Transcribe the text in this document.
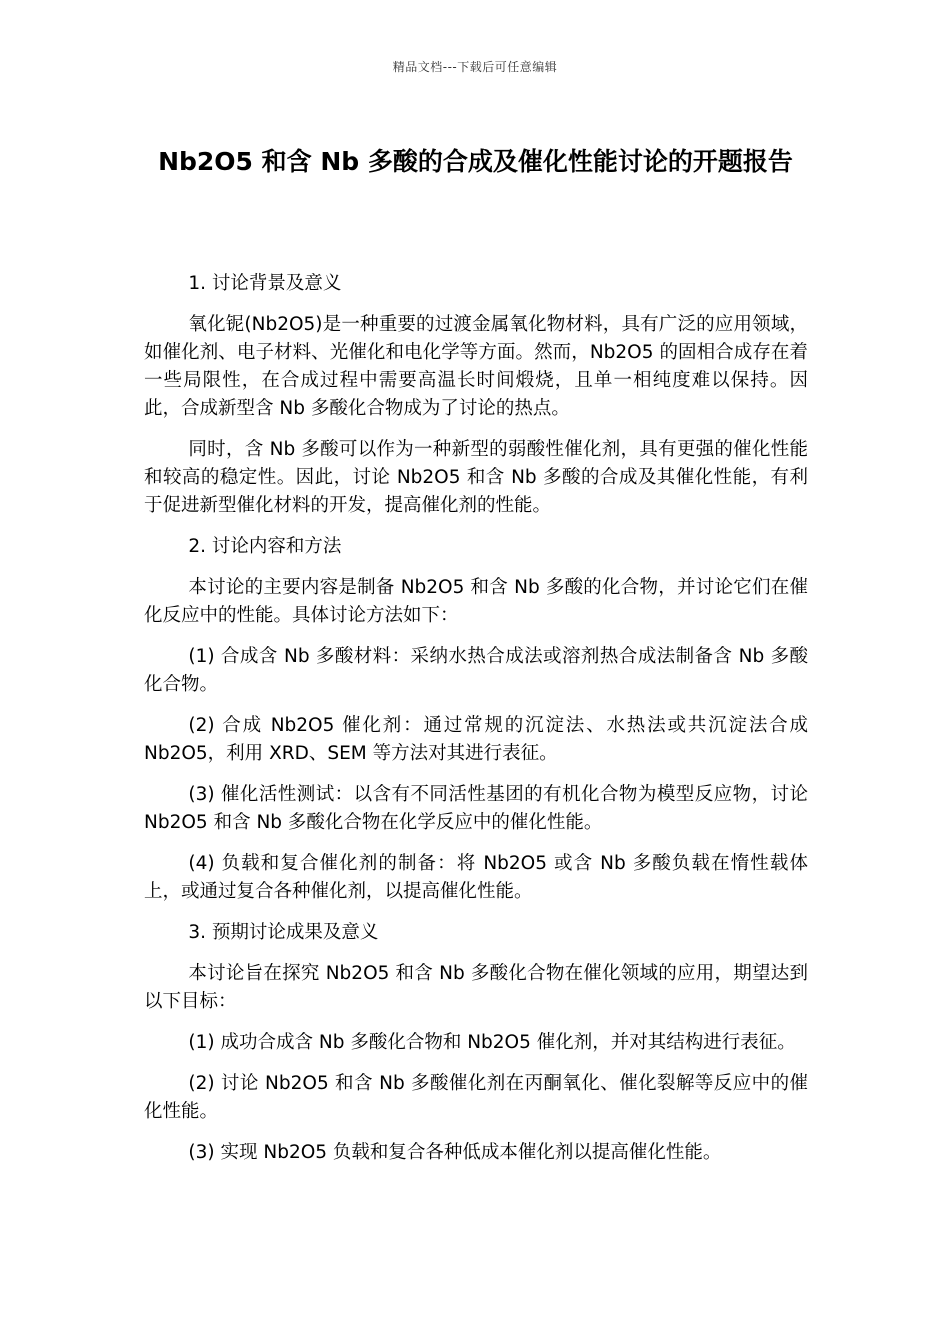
精品文档---下载后可任意编辑
Nb2O5 和含 Nb 多酸的合成及催化性能讨论的开题报告

1. 讨论背景及意义

氧化铌(Nb2O5)是一种重要的过渡金属氧化物材料，具有广泛的应用领域，如催化剂、电子材料、光催化和电化学等方面。然而，Nb2O5 的固相合成存在着一些局限性，在合成过程中需要高温长时间煅烧，且单一相纯度难以保持。因此，合成新型含 Nb 多酸化合物成为了讨论的热点。

同时，含 Nb 多酸可以作为一种新型的弱酸性催化剂，具有更强的催化性能和较高的稳定性。因此，讨论 Nb2O5 和含 Nb 多酸的合成及其催化性能，有利于促进新型催化材料的开发，提高催化剂的性能。

2. 讨论内容和方法

本讨论的主要内容是制备 Nb2O5 和含 Nb 多酸的化合物，并讨论它们在催化反应中的性能。具体讨论方法如下：

(1) 合成含 Nb 多酸材料：采纳水热合成法或溶剂热合成法制备含 Nb 多酸化合物。

(2) 合成 Nb2O5 催化剂：通过常规的沉淀法、水热法或共沉淀法合成 Nb2O5，利用 XRD、SEM 等方法对其进行表征。

(3) 催化活性测试：以含有不同活性基团的有机化合物为模型反应物，讨论 Nb2O5 和含 Nb 多酸化合物在化学反应中的催化性能。

(4) 负载和复合催化剂的制备：将 Nb2O5 或含 Nb 多酸负载在惰性载体上，或通过复合各种催化剂，以提高催化性能。

3. 预期讨论成果及意义

本讨论旨在探究 Nb2O5 和含 Nb 多酸化合物在催化领域的应用，期望达到以下目标：

(1) 成功合成含 Nb 多酸化合物和 Nb2O5 催化剂，并对其结构进行表征。

(2) 讨论 Nb2O5 和含 Nb 多酸催化剂在丙酮氧化、催化裂解等反应中的催化性能。

(3) 实现 Nb2O5 负载和复合各种低成本催化剂以提高催化性能。
